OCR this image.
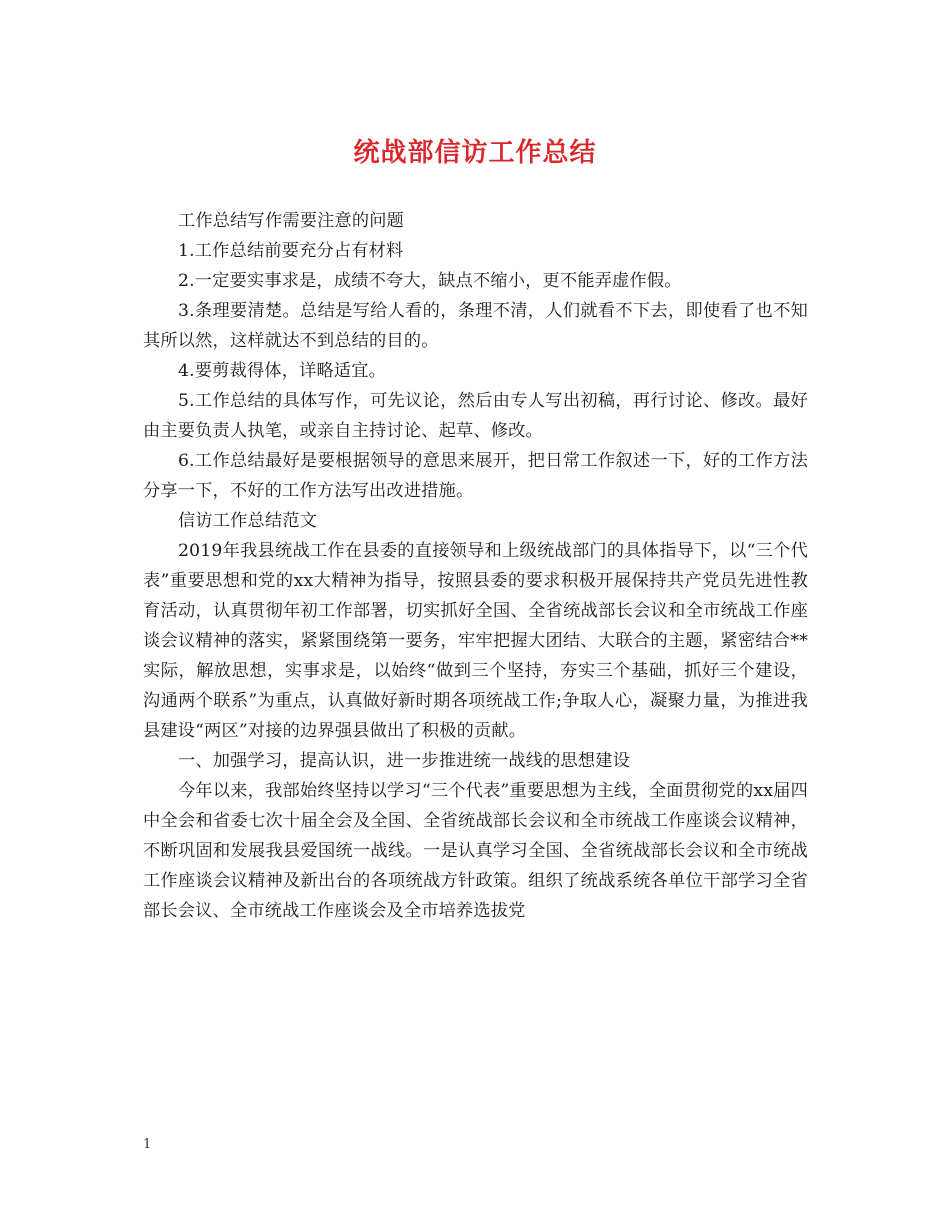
统战部信访工作总结

工作总结写作需要注意的问题

1.工作总结前要充分占有材料

2.一定要实事求是，成绩不夸大，缺点不缩小，更不能弄虚作假。

3.条理要清楚。总结是写给人看的，条理不清，人们就看不下去，即使看了也不知其所以然，这样就达不到总结的目的。

4.要剪裁得体，详略适宜。

5.工作总结的具体写作，可先议论，然后由专人写出初稿，再行讨论、修改。最好由主要负责人执笔，或亲自主持讨论、起草、修改。

6.工作总结最好是要根据领导的意思来展开，把日常工作叙述一下，好的工作方法分享一下，不好的工作方法写出改进措施。

信访工作总结范文

2019年我县统战工作在县委的直接领导和上级统战部门的具体指导下，以“三个代表”重要思想和党的xx大精神为指导，按照县委的要求积极开展保持共产党员先进性教育活动，认真贯彻年初工作部署，切实抓好全国、全省统战部长会议和全市统战工作座谈会议精神的落实，紧紧围绕第一要务，牢牢把握大团结、大联合的主题，紧密结合**实际，解放思想，实事求是，以始终“做到三个坚持，夯实三个基础，抓好三个建设，沟通两个联系”为重点，认真做好新时期各项统战工作;争取人心，凝聚力量，为推进我县建设“两区”对接的边界强县做出了积极的贡献。

一、加强学习，提高认识，进一步推进统一战线的思想建设

今年以来，我部始终坚持以学习“三个代表”重要思想为主线，全面贯彻党的xx届四中全会和省委七次十届全会及全国、全省统战部长会议和全市统战工作座谈会议精神，不断巩固和发展我县爱国统一战线。一是认真学习全国、全省统战部长会议和全市统战工作座谈会议精神及新出台的各项统战方针政策。组织了统战系统各单位干部学习全省部长会议、全市统战工作座谈会及全市培养选拔党

1
